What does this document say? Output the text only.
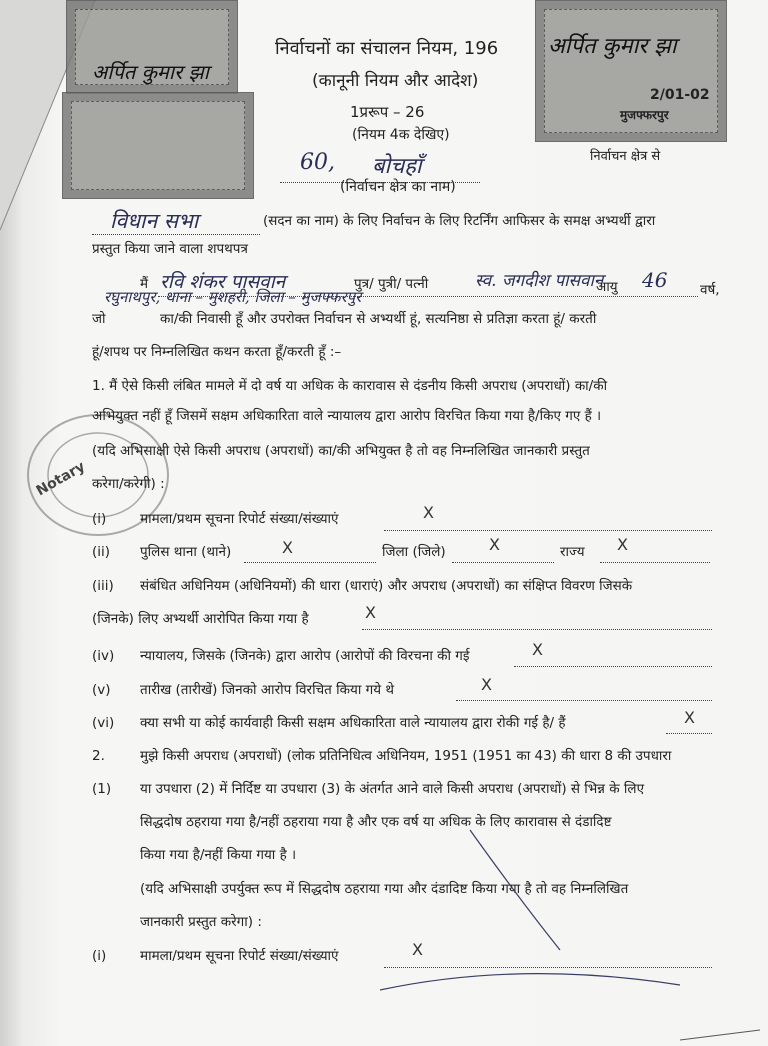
अर्पित कुमार झा
अर्पित कुमार झा
2/01-02
मुजफ्फरपुर
Notary
निर्वाचनों का संचालन नियम, 196
(कानूनी नियम और आदेश)
1प्ररूप – 26
(नियम 4क देखिए)
निर्वाचन क्षेत्र से
60, बोचहाँ
(निर्वाचन क्षेत्र का नाम)
विधान सभा	(सदन का नाम) के लिए निर्वाचन के लिए रिटर्निंग आफिसर के समक्ष अभ्यर्थी द्वारा
प्रस्तुत किया जाने वाला शपथपत्र
मैं रवि शंकर पासवान	पुत्र/ पुत्री/ पत्नी	स्व. जगदीश पासवान
आयु 46 वर्ष,
रघुनाथपुर, थाना – मुशहरी, जिला – मुजफ्फरपुर
जो	का/की निवासी हूँ और उपरोक्त निर्वाचन से अभ्यर्थी हूं, सत्यनिष्ठा से प्रतिज्ञा करता हूं/ करती
हूं/शपथ पर निम्नलिखित कथन करता हूँ/करती हूँ :–
1. मैं ऐसे किसी लंबित मामले में दो वर्ष या अधिक के कारावास से दंडनीय किसी अपराध (अपराधों) का/की
अभियुक्त नहीं हूँ जिसमें सक्षम अधिकारिता वाले न्यायालय द्वारा आरोप विरचित किया गया है/किए गए हैं ।
(यदि अभिसाक्षी ऐसे किसी अपराध (अपराधों) का/की अभियुक्त है तो वह निम्नलिखित जानकारी प्रस्तुत
करेगा/करेगी) :
(i) मामला/प्रथम सूचना रिपोर्ट संख्या/संख्याएं	X
(ii) पुलिस थाना (थाने)	X	जिला (जिले)	X	राज्य X
(iii) संबंधित अधिनियम (अधिनियमों) की धारा (धाराएं) और अपराध (अपराधों) का संक्षिप्त विवरण जिसके
(जिनके) लिए अभ्यर्थी आरोपित किया गया है	X
(iv) न्यायालय, जिसके (जिनके) द्वारा आरोप (आरोपों की विरचना की गई	X
(v) तारीख (तारीखें) जिनको आरोप विरचित किया गये थे	X
(vi) क्या सभी या कोई कार्यवाही किसी सक्षम अधिकारिता वाले न्यायालय द्वारा रोकी गई है/ हैं	X
2.	मुझे किसी अपराध (अपराधों) (लोक प्रतिनिधित्व अधिनियम, 1951 (1951 का 43) की धारा 8 की उपधारा
(1) या उपधारा (2) में निर्दिष्ट या उपधारा (3) के अंतर्गत आने वाले किसी अपराध (अपराधों) से भिन्न के लिए
सिद्धदोष ठहराया गया है/नहीं ठहराया गया है और एक वर्ष या अधिक के लिए कारावास से दंडादिष्ट
किया गया है/नहीं किया गया है ।
(यदि अभिसाक्षी उपर्युक्त रूप में सिद्धदोष ठहराया गया और दंडादिष्ट किया गया है तो वह निम्नलिखित
जानकारी प्रस्तुत करेगा) :
(i) मामला/प्रथम सूचना रिपोर्ट संख्या/संख्याएं	X
